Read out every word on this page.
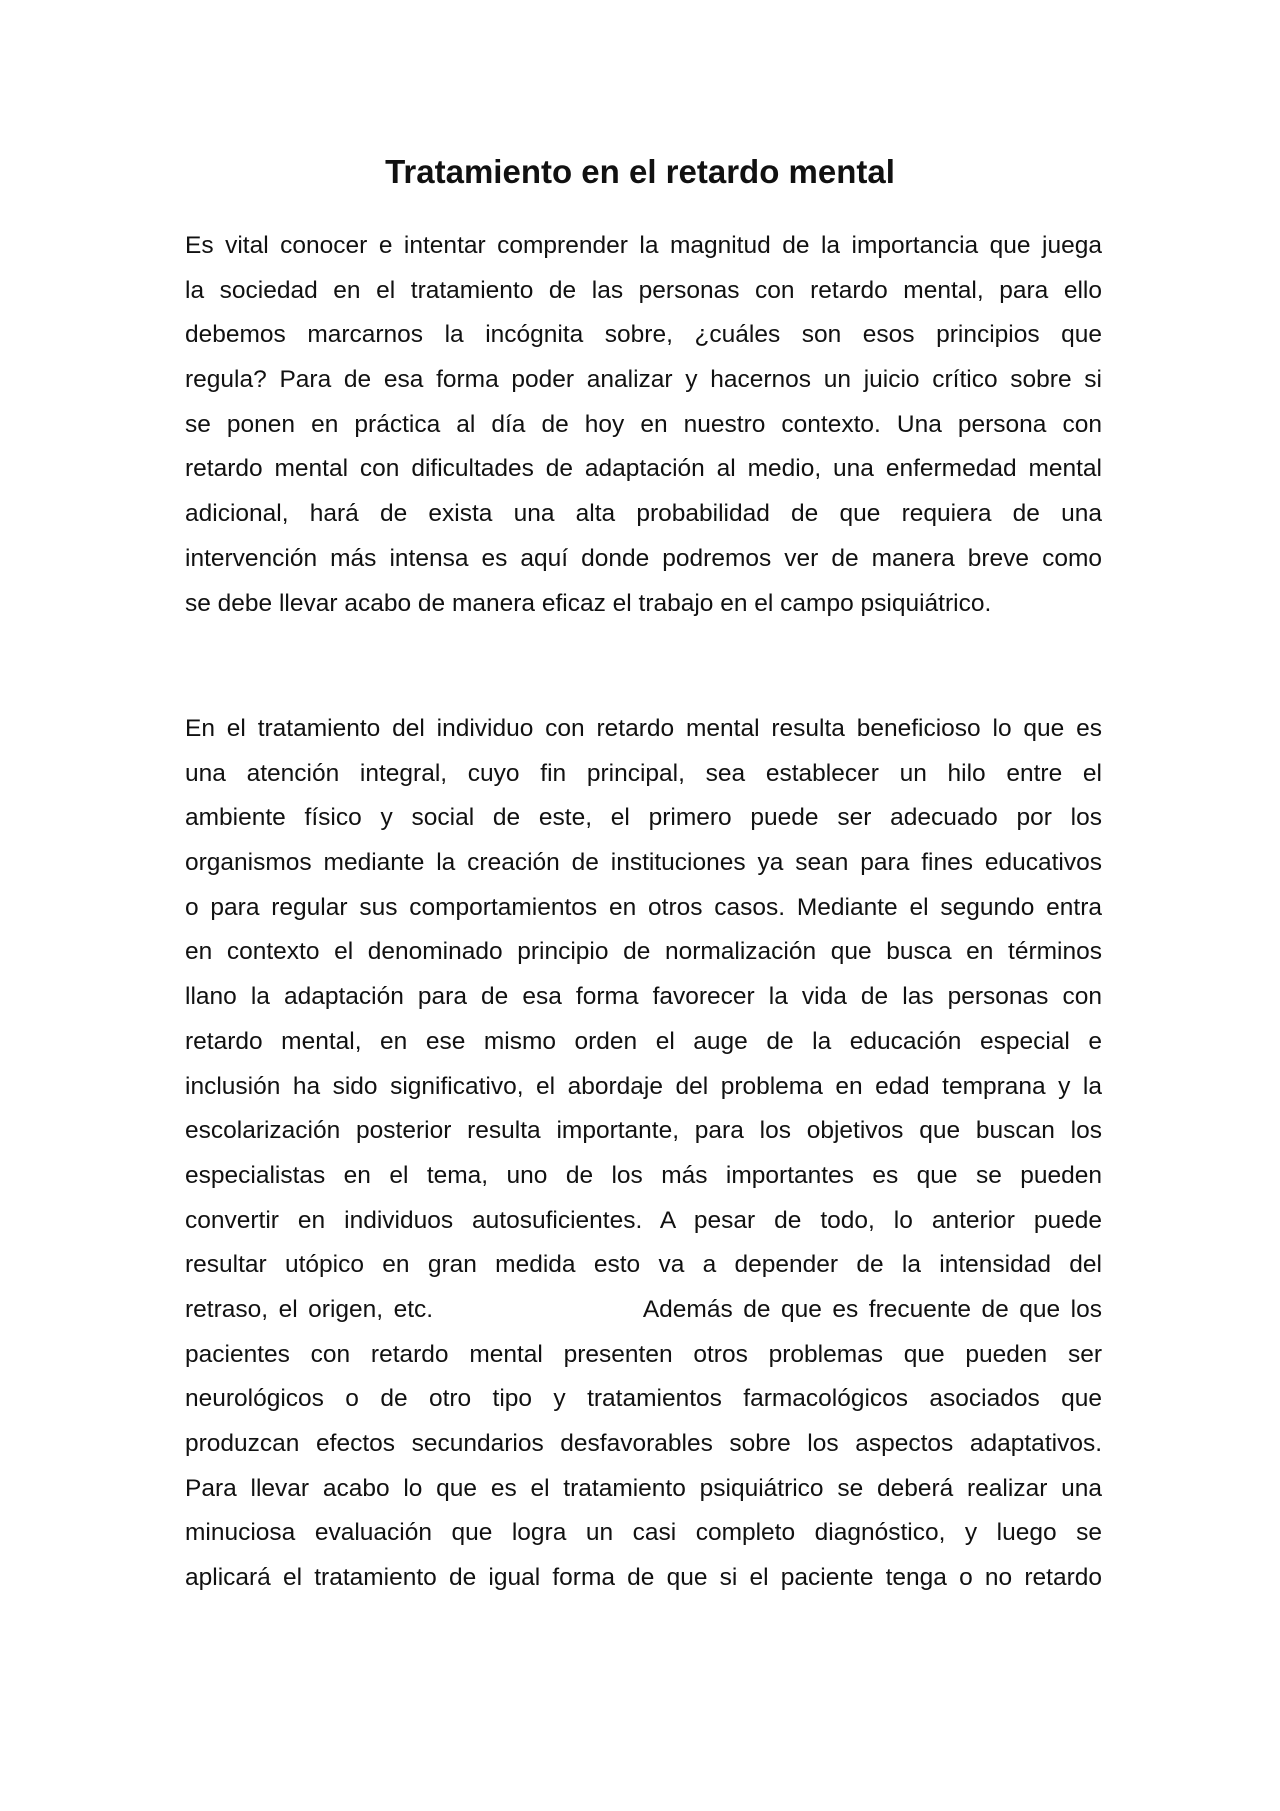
Tratamiento en el retardo mental
Es vital conocer e intentar comprender la magnitud de la importancia que juega
la sociedad en el tratamiento de las personas con retardo mental, para ello
debemos marcarnos la incógnita sobre, ¿cuáles son esos principios que
regula? Para de esa forma poder analizar y hacernos un juicio crítico sobre si
se ponen en práctica al día de hoy en nuestro contexto. Una persona con
retardo mental con dificultades de adaptación al medio, una enfermedad mental
adicional, hará de exista una alta probabilidad de que requiera de una
intervención más intensa es aquí donde podremos ver de manera breve como
se debe llevar acabo de manera eficaz el trabajo en el campo psiquiátrico.
En el tratamiento del individuo con retardo mental resulta beneficioso lo que es
una atención integral, cuyo fin principal, sea establecer un hilo entre el
ambiente físico y social de este, el primero puede ser adecuado por los
organismos mediante la creación de instituciones ya sean para fines educativos
o para regular sus comportamientos en otros casos. Mediante el segundo entra
en contexto el denominado principio de normalización que busca en términos
llano la adaptación para de esa forma favorecer la vida de las personas con
retardo mental, en ese mismo orden el auge de la educación especial e
inclusión ha sido significativo, el abordaje del problema en edad temprana y la
escolarización posterior resulta importante, para los objetivos que buscan los
especialistas en el tema, uno de los más importantes es que se pueden
convertir en individuos autosuficientes. A pesar de todo, lo anterior puede
resultar utópico en gran medida esto va a depender de la intensidad del
retraso, el origen, etc.	Además de que es frecuente de que los
pacientes con retardo mental presenten otros problemas que pueden ser
neurológicos o de otro tipo y tratamientos farmacológicos asociados que
produzcan efectos secundarios desfavorables sobre los aspectos adaptativos.
Para llevar acabo lo que es el tratamiento psiquiátrico se deberá realizar una
minuciosa evaluación que logra un casi completo diagnóstico, y luego se
aplicará el tratamiento de igual forma de que si el paciente tenga o no retardo
